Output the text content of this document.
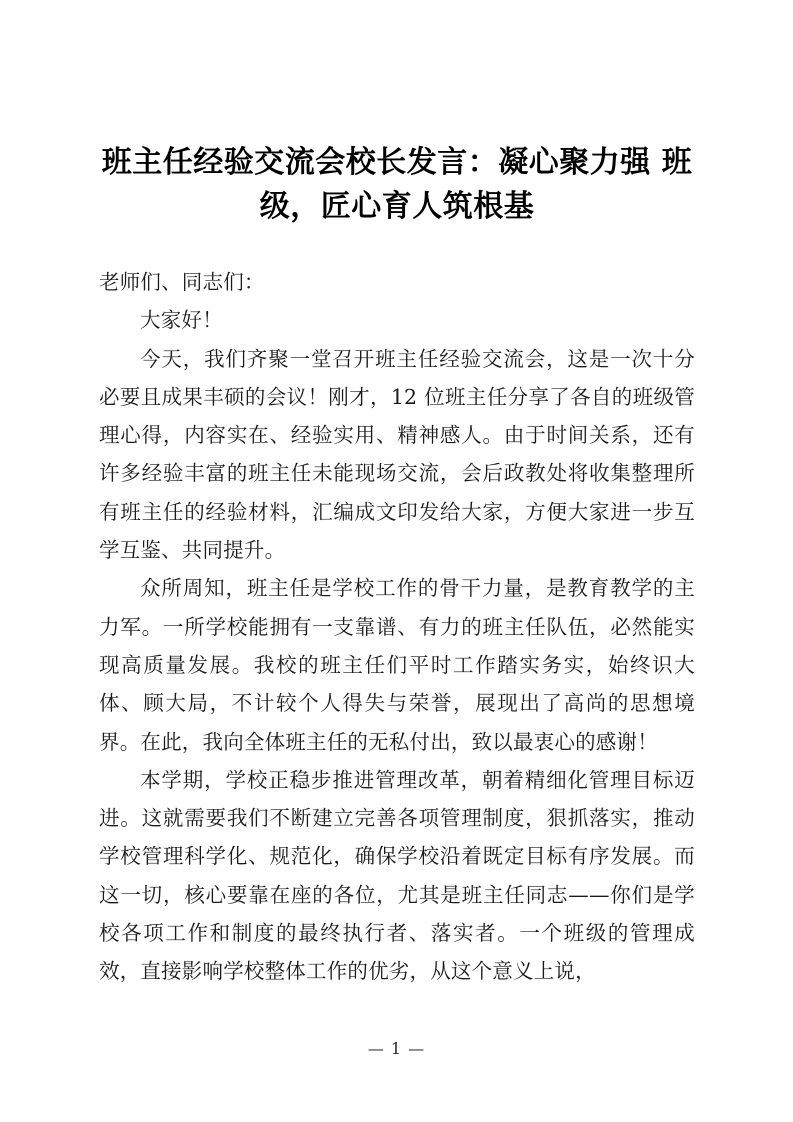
班主任经验交流会校长发言：凝心聚力强 班级，匠心育人筑根基

老师们、同志们：

大家好！

今天，我们齐聚一堂召开班主任经验交流会，这是一次十分必要且成果丰硕的会议！刚才，12 位班主任分享了各自的班级管理心得，内容实在、经验实用、精神感人。由于时间关系，还有许多经验丰富的班主任未能现场交流，会后政教处将收集整理所有班主任的经验材料，汇编成文印发给大家，方便大家进一步互学互鉴、共同提升。

众所周知，班主任是学校工作的骨干力量，是教育教学的主力军。一所学校能拥有一支靠谱、有力的班主任队伍，必然能实现高质量发展。我校的班主任们平时工作踏实务实，始终识大体、顾大局，不计较个人得失与荣誉，展现出了高尚的思想境界。在此，我向全体班主任的无私付出，致以最衷心的感谢！

本学期，学校正稳步推进管理改革，朝着精细化管理目标迈进。这就需要我们不断建立完善各项管理制度，狠抓落实，推动学校管理科学化、规范化，确保学校沿着既定目标有序发展。而这一切，核心要靠在座的各位，尤其是班主任同志——你们是学校各项工作和制度的最终执行者、落实者。一个班级的管理成效，直接影响学校整体工作的优劣，从这个意义上说，

— 1 —
